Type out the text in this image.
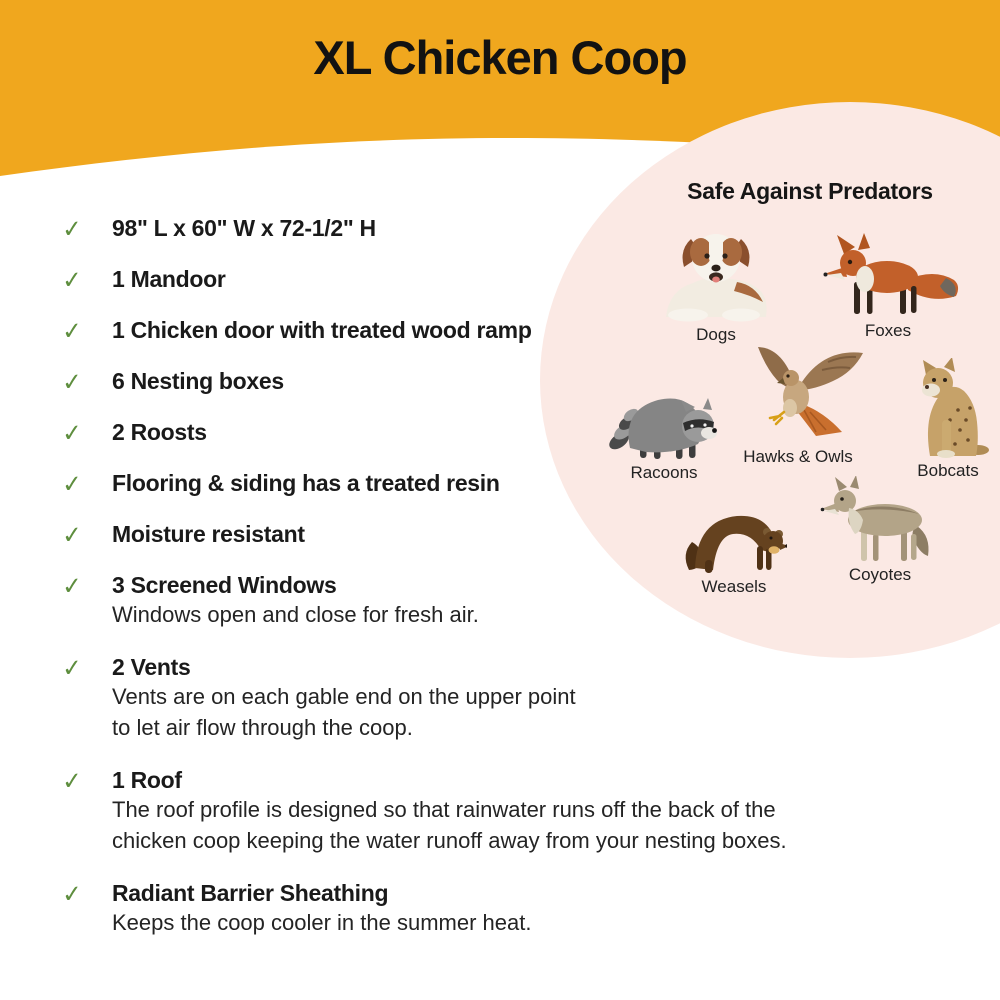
XL Chicken Coop
Safe Against Predators
Dogs	Foxes
Racoons
Hawks & Owls
Bobcats
Weasels
Coyotes
✓	98" L x 60" W x 72-1/2" H
✓	1 Mandoor
✓	1 Chicken door with treated wood ramp
✓	6 Nesting boxes
✓	2 Roosts
✓	Flooring & siding has a treated resin
✓	Moisture resistant
✓	3 Screened Windows
Windows open and close for fresh air.
✓	2 Vents
Vents are on each gable end on the upper point
to let air flow through the coop.
✓	1 Roof
The roof profile is designed so that rainwater runs off the back of the
chicken coop keeping the water runoff away from your nesting boxes.
✓	Radiant Barrier Sheathing
Keeps the coop cooler in the summer heat.
